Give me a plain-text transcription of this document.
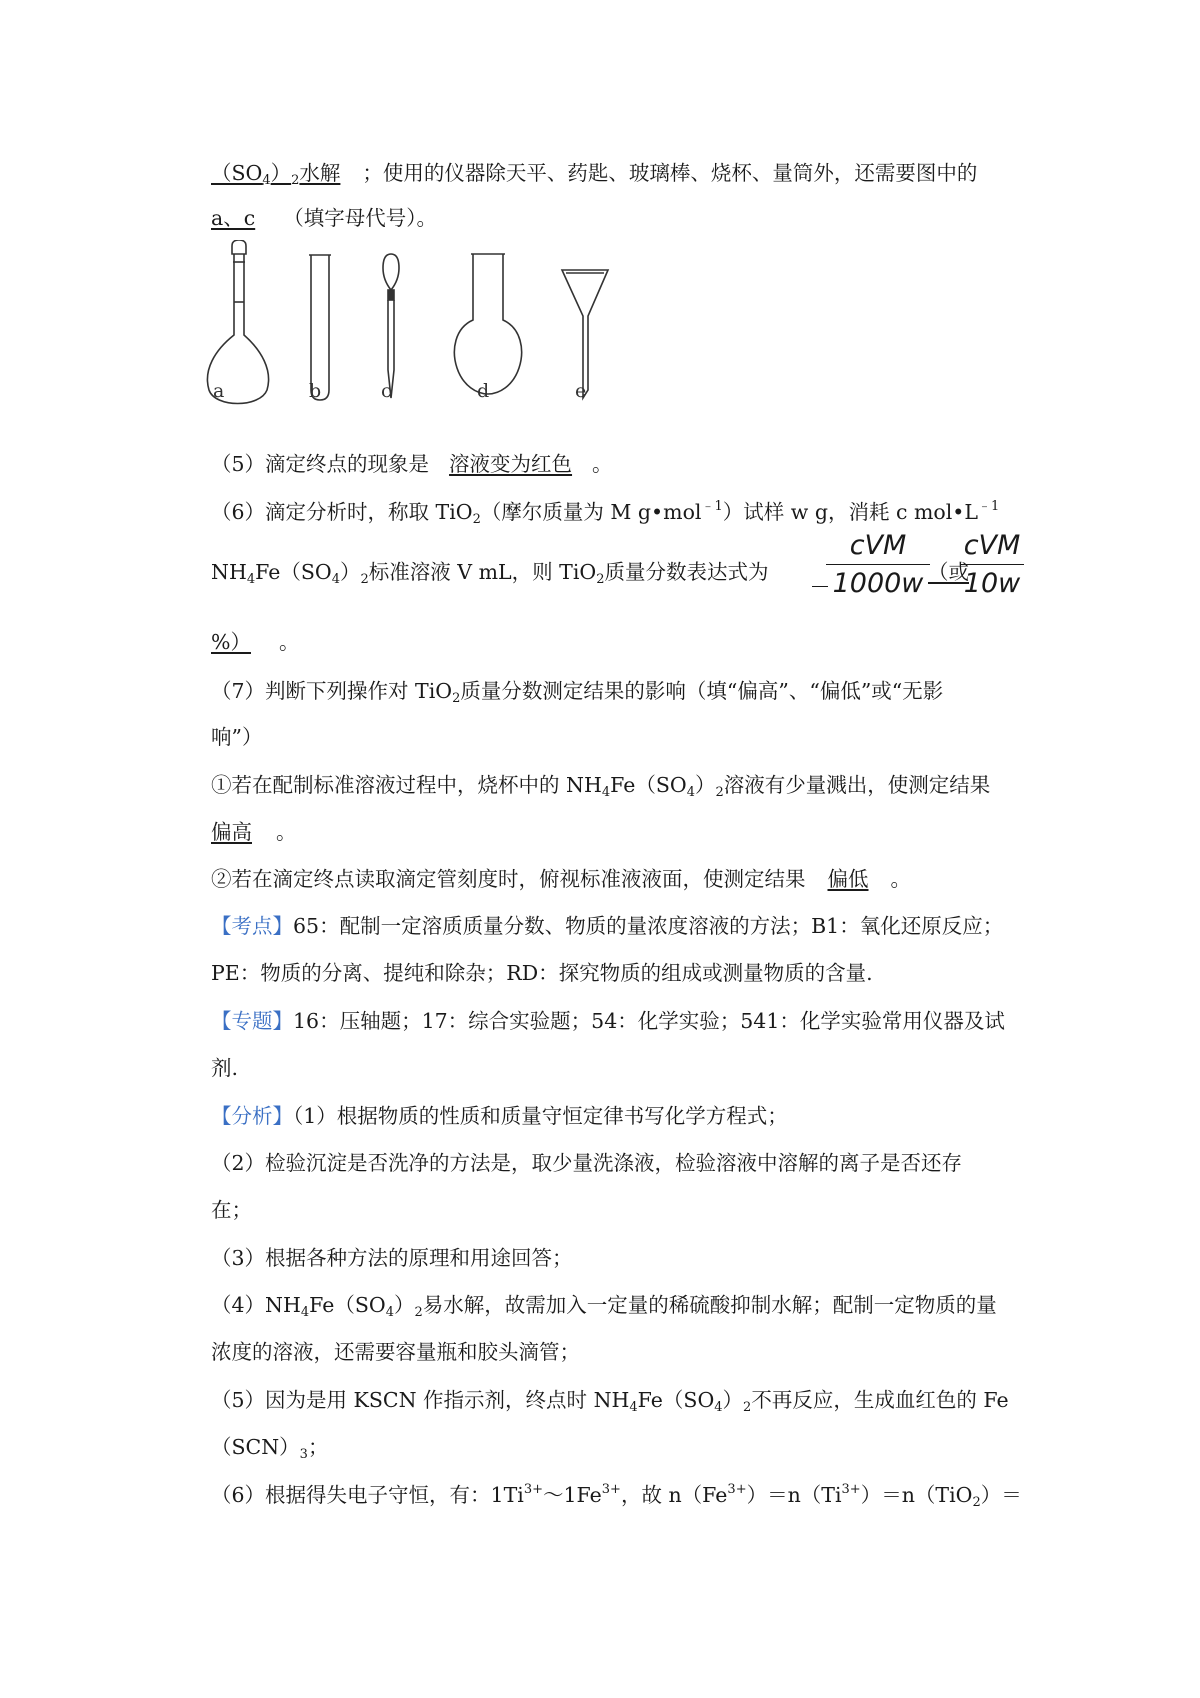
$(SO_4)_2$水解 ；使用的仪器除天平、药匙、玻璃棒、烧杯、量筒外，还需要图中的
a、c （填字母代号）。
a	b	c	d	e
（5）滴定终点的现象是 溶液变为红色 。
（6）滴定分析时，称取 TiO$_2$（摩尔质量为 M g•mol$^{﹣1}$）试样 w g，消耗 c $mol•L^{﹣1}$
$NH_4Fe(SO_4)_2$标准溶液 V mL，则 TiO$_2$质量分数表达式为
cVM
1000w （或
cVM
10w
%） 。
（7）判断下列操作对 TiO$_2$质量分数测定结果的影响（填“偏高”、“偏低”或“无影
响”）
①若在配制标准溶液过程中，烧杯中的 $NH_4Fe(SO_4)_2$溶液有少量溅出，使测定结果
偏高 。
②若在滴定终点读取滴定管刻度时，俯视标准液液面，使测定结果 偏低 。
【考点】65：配制一定溶质质量分数、物质的量浓度溶液的方法；B1：氧化还原反应；
PE：物质的分离、提纯和除杂；RD：探究物质的组成或测量物质的含量.
【专题】16：压轴题；17：综合实验题；54：化学实验；541：化学实验常用仪器及试
剂.
【分析】（1）根据物质的性质和质量守恒定律书写化学方程式；
（2）检验沉淀是否洗净的方法是，取少量洗涤液，检验溶液中溶解的离子是否还存
在；
（3）根据各种方法的原理和用途回答；
$(4)NH_4Fe(SO_4)_2$易水解，故需加入一定量的稀硫酸抑制水解；配制一定物质的量
浓度的溶液，还需要容量瓶和胶头滴管；
（5）因为是用 KSCN 作指示剂，终点时 $NH_4Fe(SO_4)_2$不再反应，生成血红色的 Fe
$(SCN)_3$；
（6）根据得失电子守恒，有：$1Ti^{3+}\sim 1Fe^{3+}$，故 $n(Fe^{3+})=n(Ti^{3+})=n(TiO_2)=$
